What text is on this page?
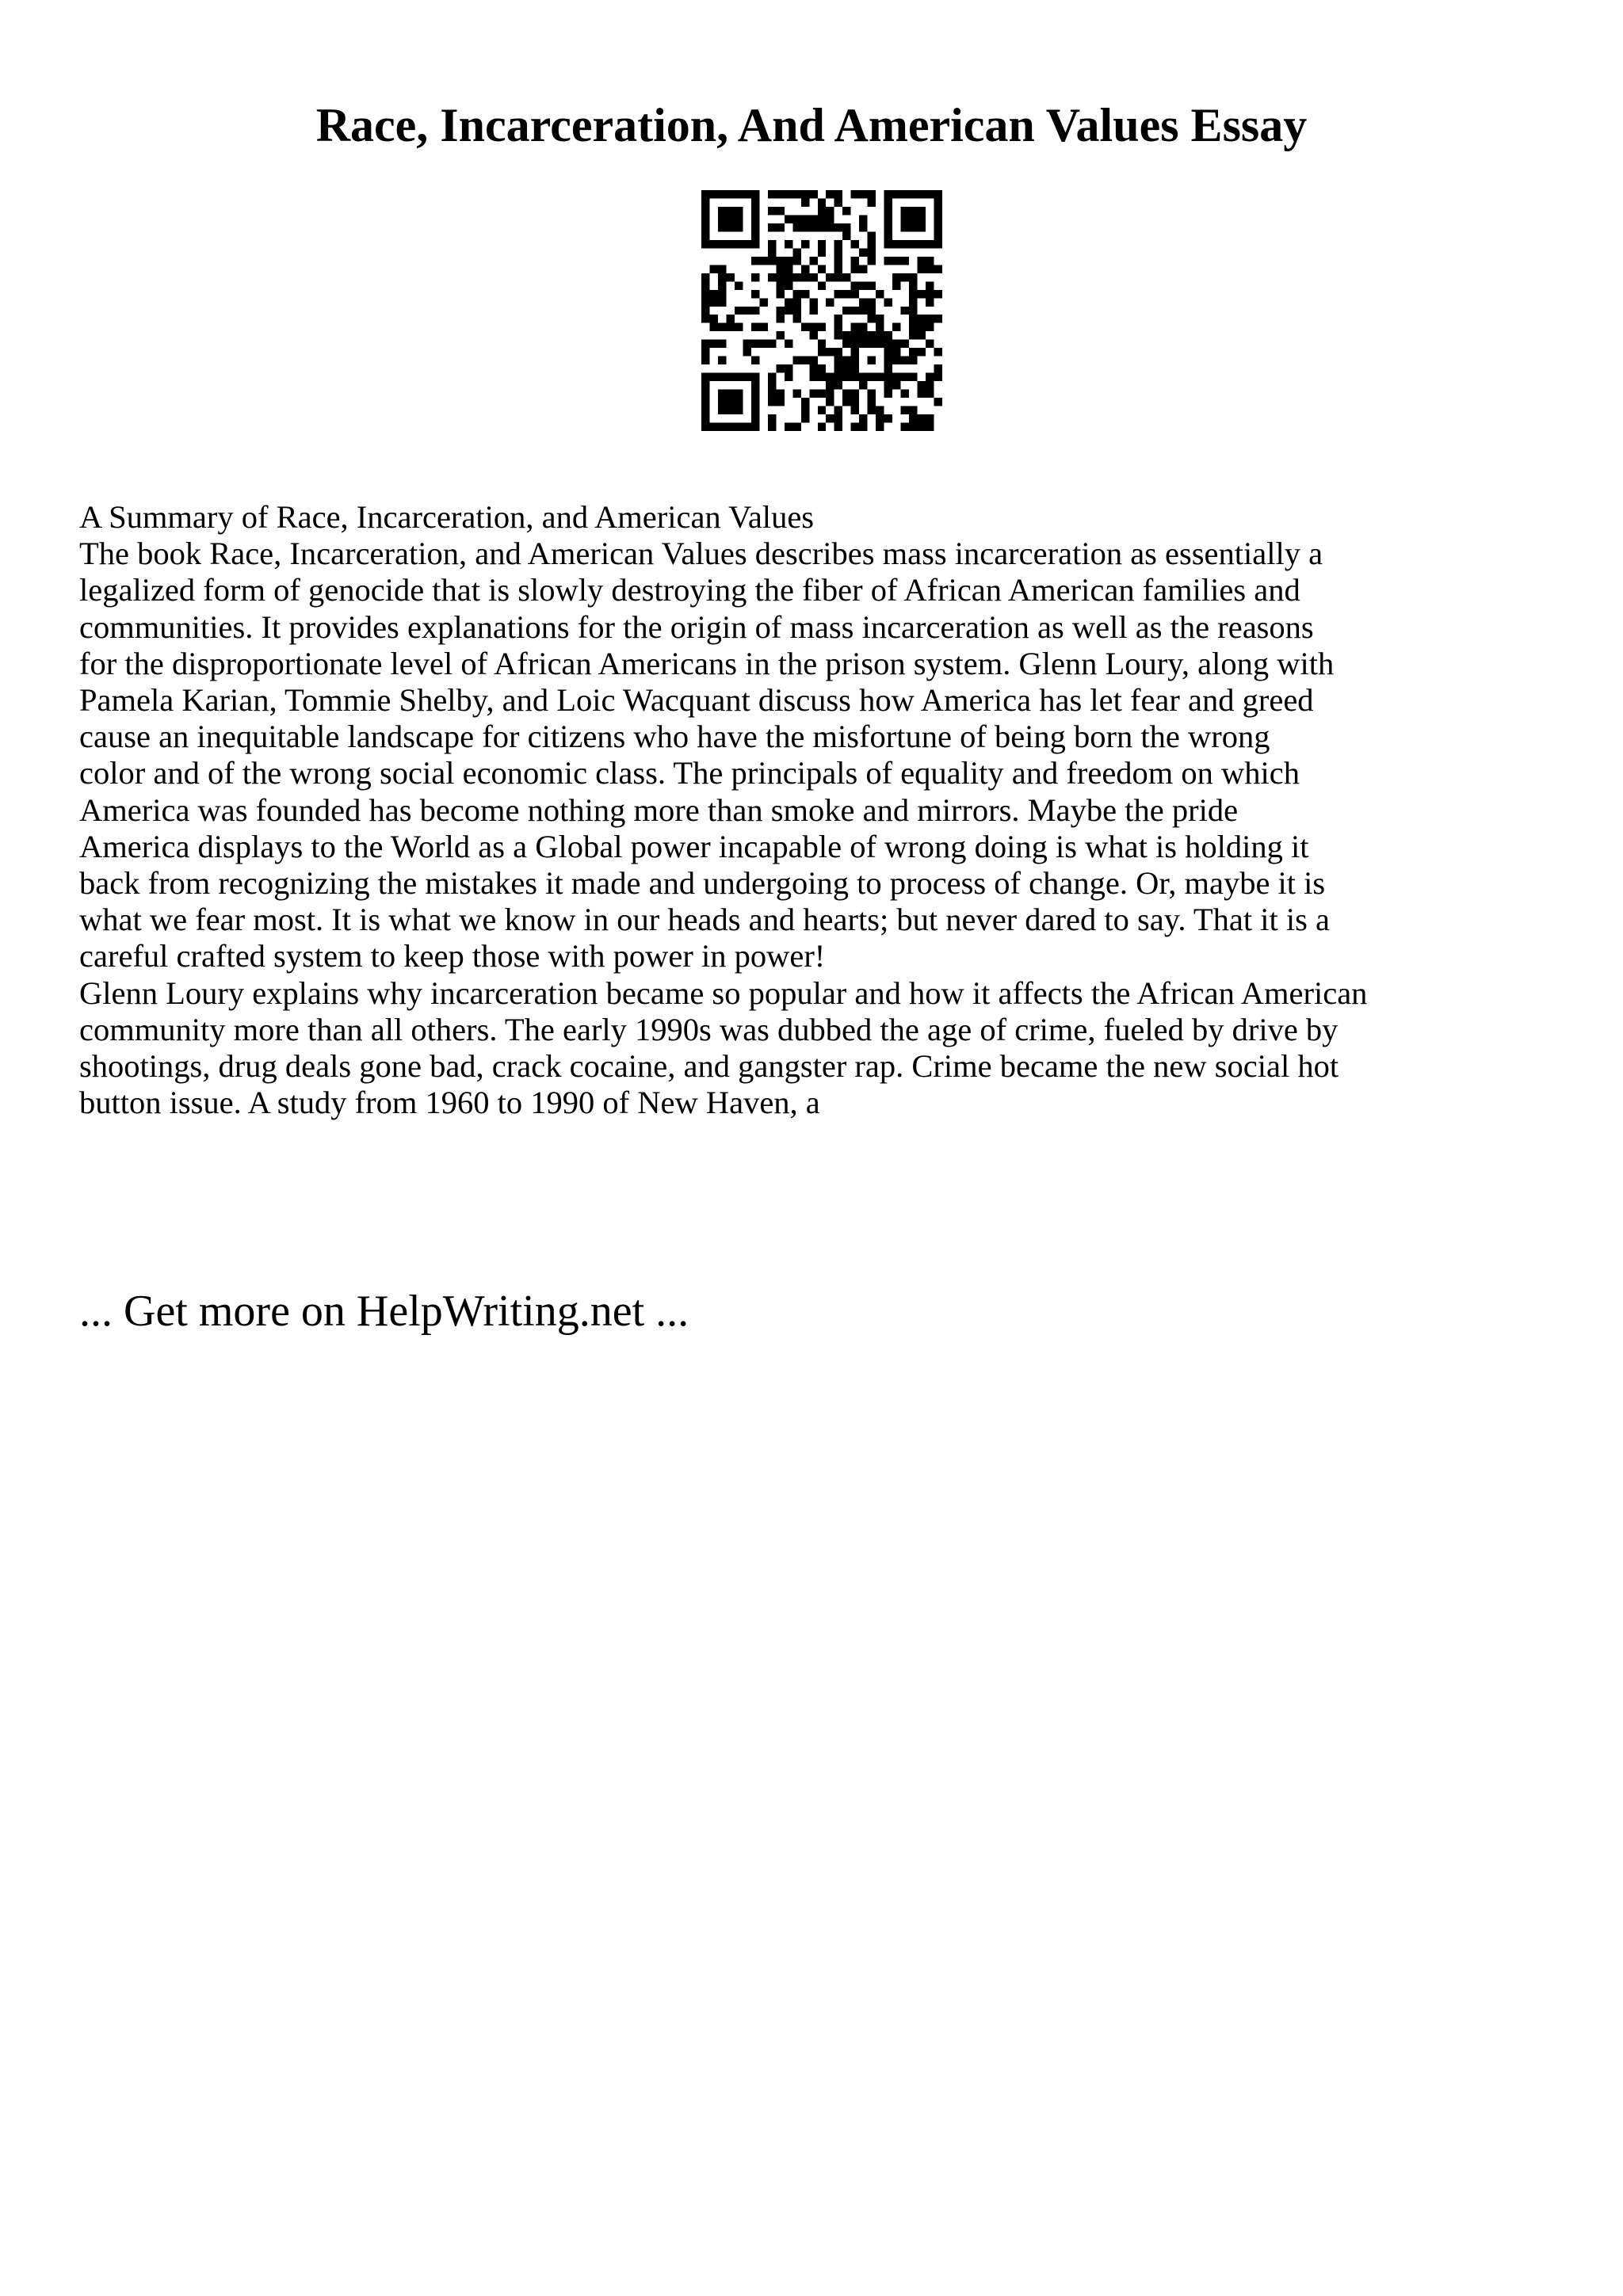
Race, Incarceration, And American Values Essay
A Summary of Race, Incarceration, and American Values
The book Race, Incarceration, and American Values describes mass incarceration as essentially a
legalized form of genocide that is slowly destroying the fiber of African American families and
communities. It provides explanations for the origin of mass incarceration as well as the reasons
for the disproportionate level of African Americans in the prison system. Glenn Loury, along with
Pamela Karian, Tommie Shelby, and Loic Wacquant discuss how America has let fear and greed
cause an inequitable landscape for citizens who have the misfortune of being born the wrong
color and of the wrong social economic class. The principals of equality and freedom on which
America was founded has become nothing more than smoke and mirrors. Maybe the pride
America displays to the World as a Global power incapable of wrong doing is what is holding it
back from recognizing the mistakes it made and undergoing to process of change. Or, maybe it is
what we fear most. It is what we know in our heads and hearts; but never dared to say. That it is a
careful crafted system to keep those with power in power!
Glenn Loury explains why incarceration became so popular and how it affects the African American
community more than all others. The early 1990s was dubbed the age of crime, fueled by drive by
shootings, drug deals gone bad, crack cocaine, and gangster rap. Crime became the new social hot
button issue. A study from 1960 to 1990 of New Haven, a
... Get more on HelpWriting.net ...
